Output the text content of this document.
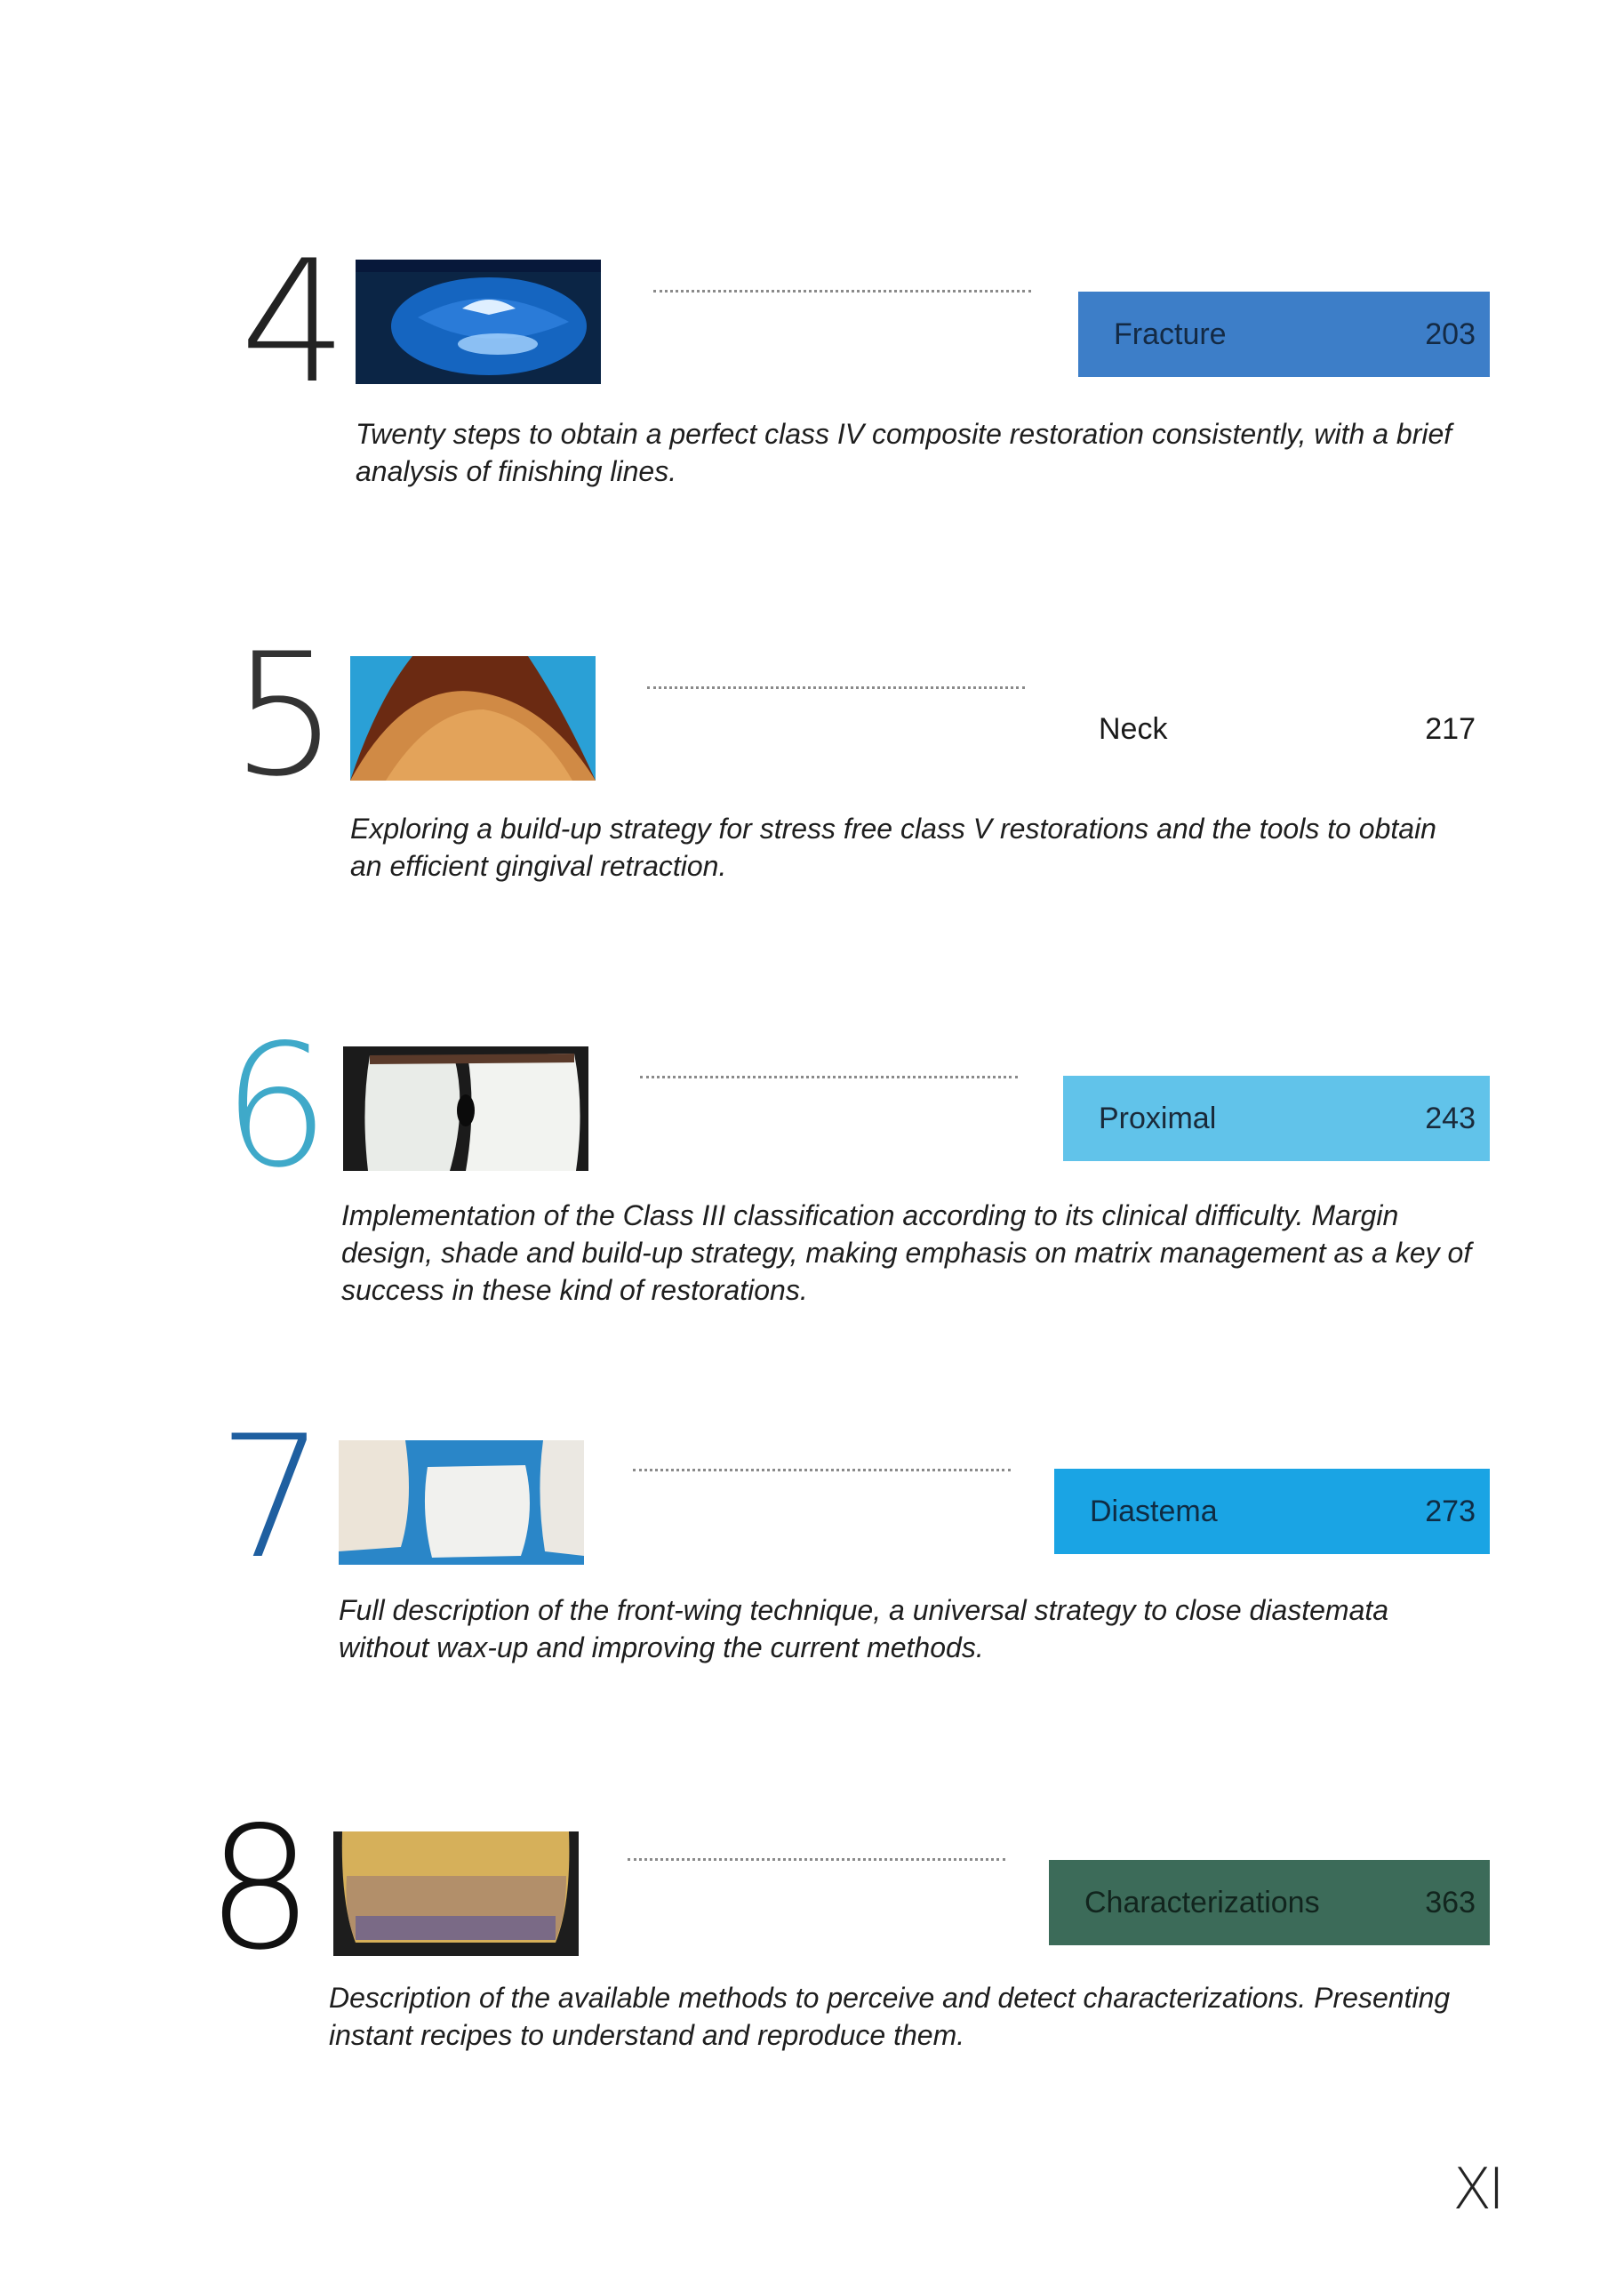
4	Fracture	203

Twenty steps to obtain a perfect class IV composite restoration consistently, with a brief analysis of finishing lines.

5	Neck	217

Exploring a build-up strategy for stress free class V restorations and the tools to obtain an efficient gingival retraction.

6	Proximal	243

Implementation of the Class III classification according to its clinical difficulty. Margin design, shade and build-up strategy, making emphasis on matrix management as a key of success in these kind of restorations.

7	Diastema	273

Full description of the front-wing technique, a universal strategy to close diastemata without wax-up and improving the current methods.

8	Characterizations	363

Description of the available methods to perceive and detect characterizations. Presenting instant recipes to understand and reproduce them.

XI
